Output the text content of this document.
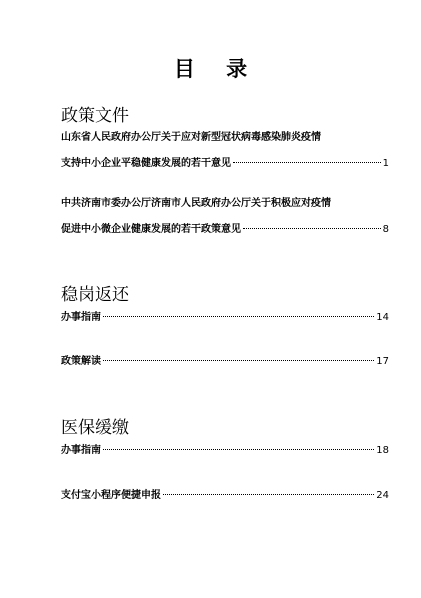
目 录
政策文件
山东省人民政府办公厅关于应对新型冠状病毒感染肺炎疫情
支持中小企业平稳健康发展的若干意见	1
中共济南市委办公厅济南市人民政府办公厅关于积极应对疫情
促进中小微企业健康发展的若干政策意见	8
稳岗返还
办事指南	14
政策解读	17
医保缓缴
办事指南	18
支付宝小程序便捷申报	24
